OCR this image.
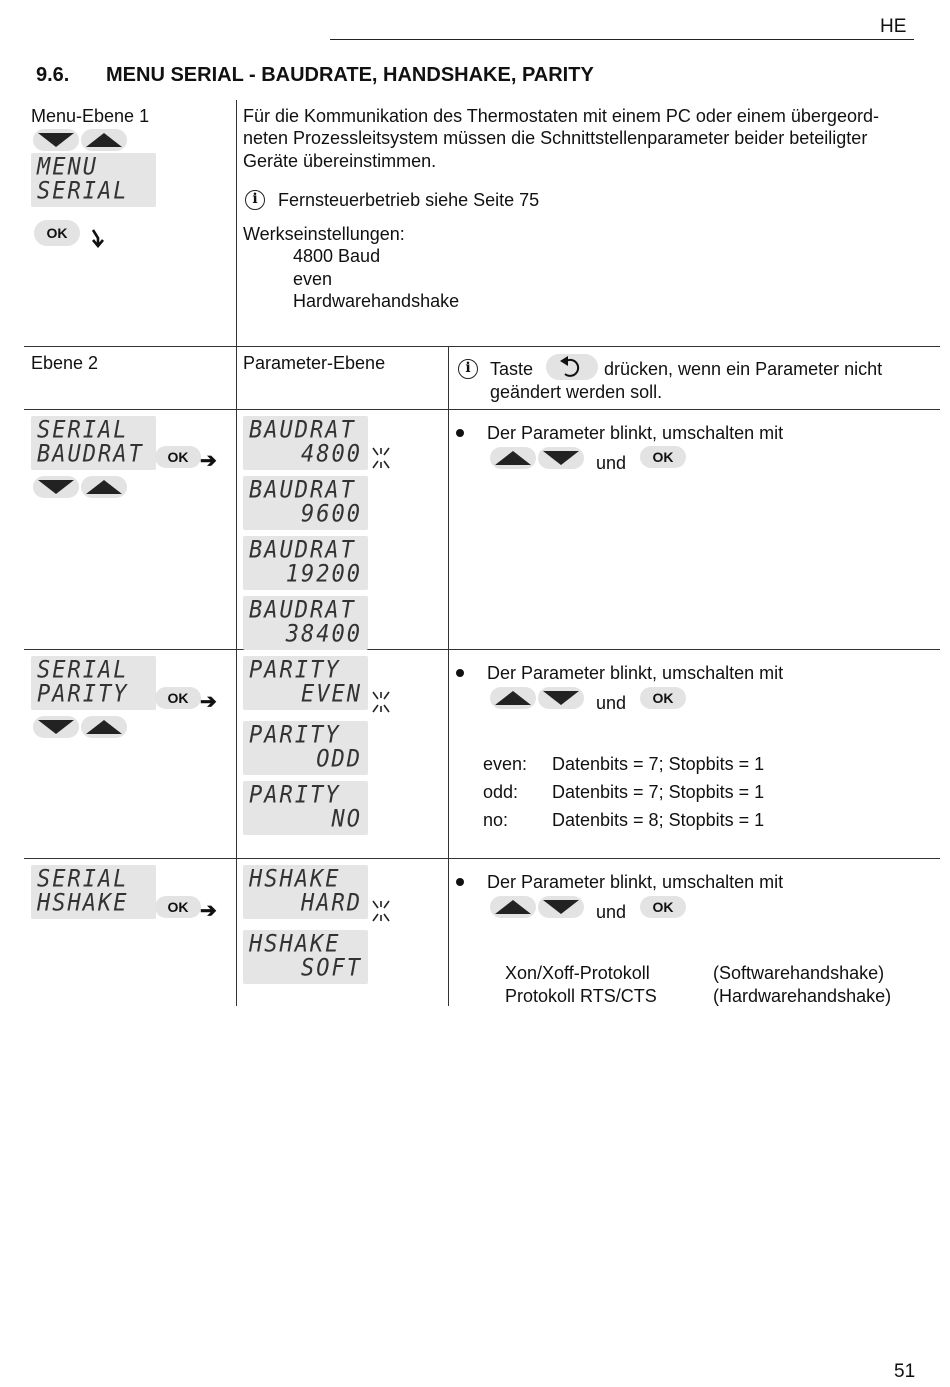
HE
9.6. MENU SERIAL - BAUDRATE, HANDSHAKE, PARITY
Menu-Ebene 1
MENU
SERIAL
OK
Für die Kommunikation des Thermostaten mit einem PC oder einem übergeord-
neten Prozessleitsystem müssen die Schnittstellenparameter beider beteiligter
Geräte übereinstimmen.
i	Fernsteuerbetrieb siehe Seite 75
Werkseinstellungen:
4800 Baud
even
Hardwarehandshake
Ebene 2	Parameter-Ebene	i	Taste	drücken, wenn ein Parameter nicht
geändert werden soll.
SERIAL
BAUDRAT	OK ➔
BAUDRAT
4800
BAUDRAT
9600
BAUDRAT
19200
BAUDRAT
38400
Der Parameter blinkt, umschalten mit
und	OK
SERIAL
PARITY	OK ➔
PARITY
EVEN
PARITY
ODD
PARITY
NO
Der Parameter blinkt, umschalten mit
und	OK
even: Datenbits = 7; Stopbits = 1
odd: Datenbits = 7; Stopbits = 1
no: Datenbits = 8; Stopbits = 1
SERIAL
HSHAKE	OK ➔
HSHAKE
HARD
HSHAKE
SOFT
Der Parameter blinkt, umschalten mit
und	OK
Xon/Xoff-Protokoll	(Softwarehandshake)
Protokoll RTS/CTS	(Hardwarehandshake)
51
